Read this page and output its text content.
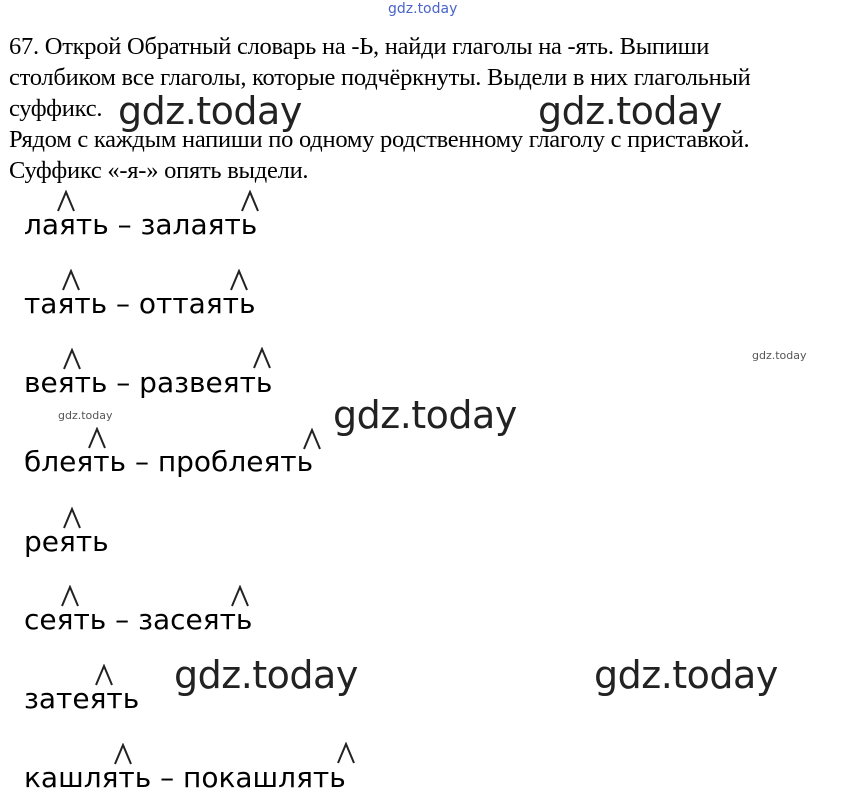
gdz.today

67. Открой Обратный словарь на -Ь, найди глаголы на -ять. Выпиши

столбиком все глаголы, которые подчёркнуты. Выдели в них глагольный

суффикс.

Рядом с каждым напиши по одному родственному глаголу с приставкой.

Суффикс «-я-» опять выдели.

gdz.today	gdz.today
gdz.today
gdz.today	gdz.today
gdz.today
gdz.today
лаять – залаять
таять – оттаять
веять – развеять
блеять – проблеять
реять
сеять – засеять
затеять
кашлять – покашлять
